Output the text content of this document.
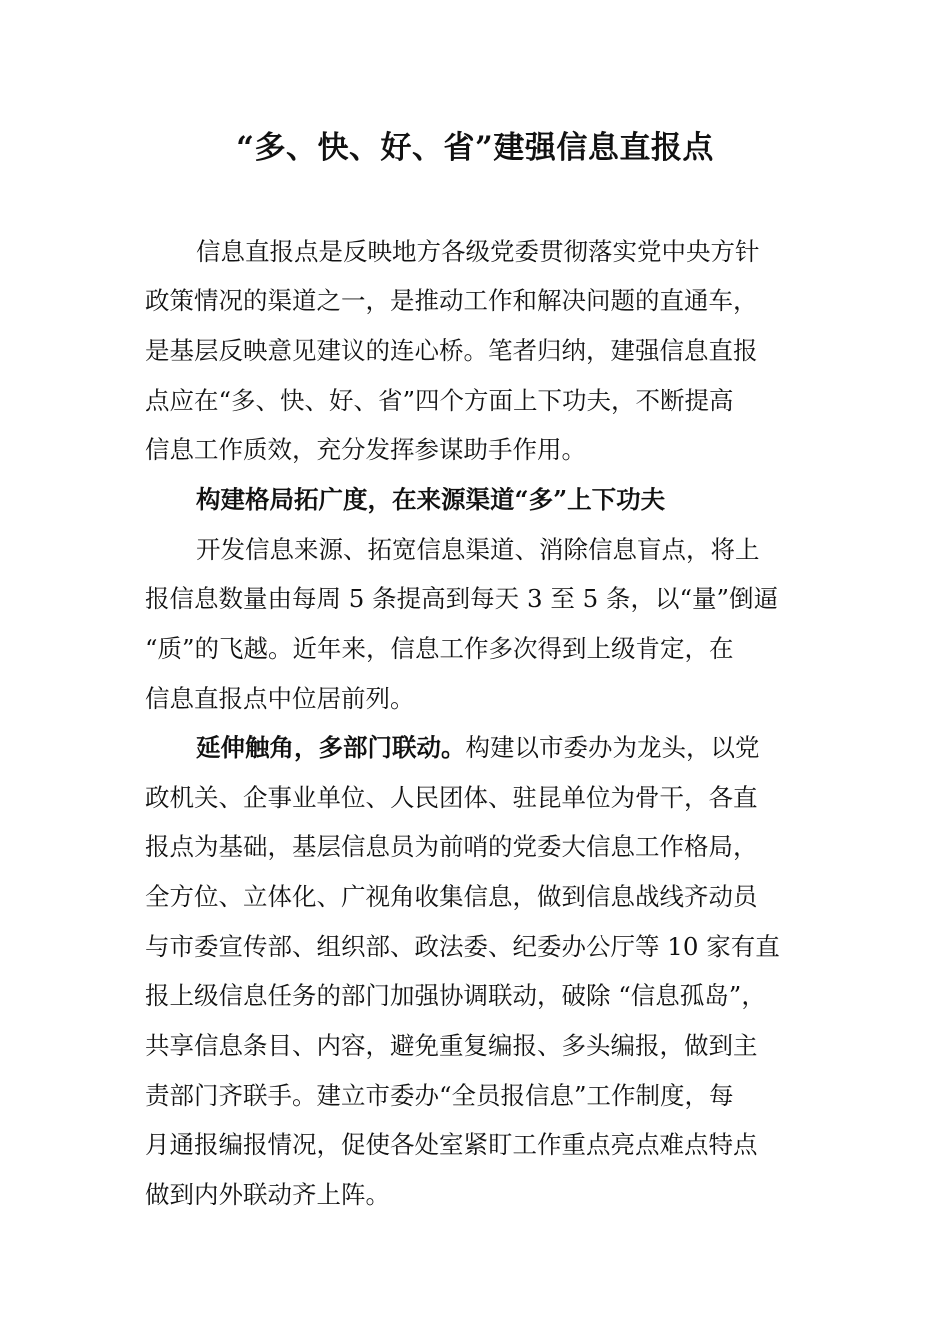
“多、快、好、省”建强信息直报点
信息直报点是反映地方各级党委贯彻落实党中央方针
政策情况的渠道之一，是推动工作和解决问题的直通车，
是基层反映意见建议的连心桥。笔者归纳，建强信息直报
点应在“多、快、好、省”四个方面上下功夫，不断提高
信息工作质效，充分发挥参谋助手作用。
构建格局拓广度，在来源渠道“多”上下功夫
开发信息来源、拓宽信息渠道、消除信息盲点，将上
报信息数量由每周 5 条提高到每天 3 至 5 条，以“量”倒逼
“质”的飞越。近年来，信息工作多次得到上级肯定，在
信息直报点中位居前列。
延伸触角，多部门联动。构建以市委办为龙头，以党
政机关、企事业单位、人民团体、驻昆单位为骨干，各直
报点为基础，基层信息员为前哨的党委大信息工作格局，
全方位、立体化、广视角收集信息，做到信息战线齐动员
与市委宣传部、组织部、政法委、纪委办公厅等 10 家有直
报上级信息任务的部门加强协调联动，破除 “信息孤岛”，
共享信息条目、内容，避免重复编报、多头编报，做到主
责部门齐联手。建立市委办“全员报信息”工作制度，每
月通报编报情况，促使各处室紧盯工作重点亮点难点特点
做到内外联动齐上阵。
